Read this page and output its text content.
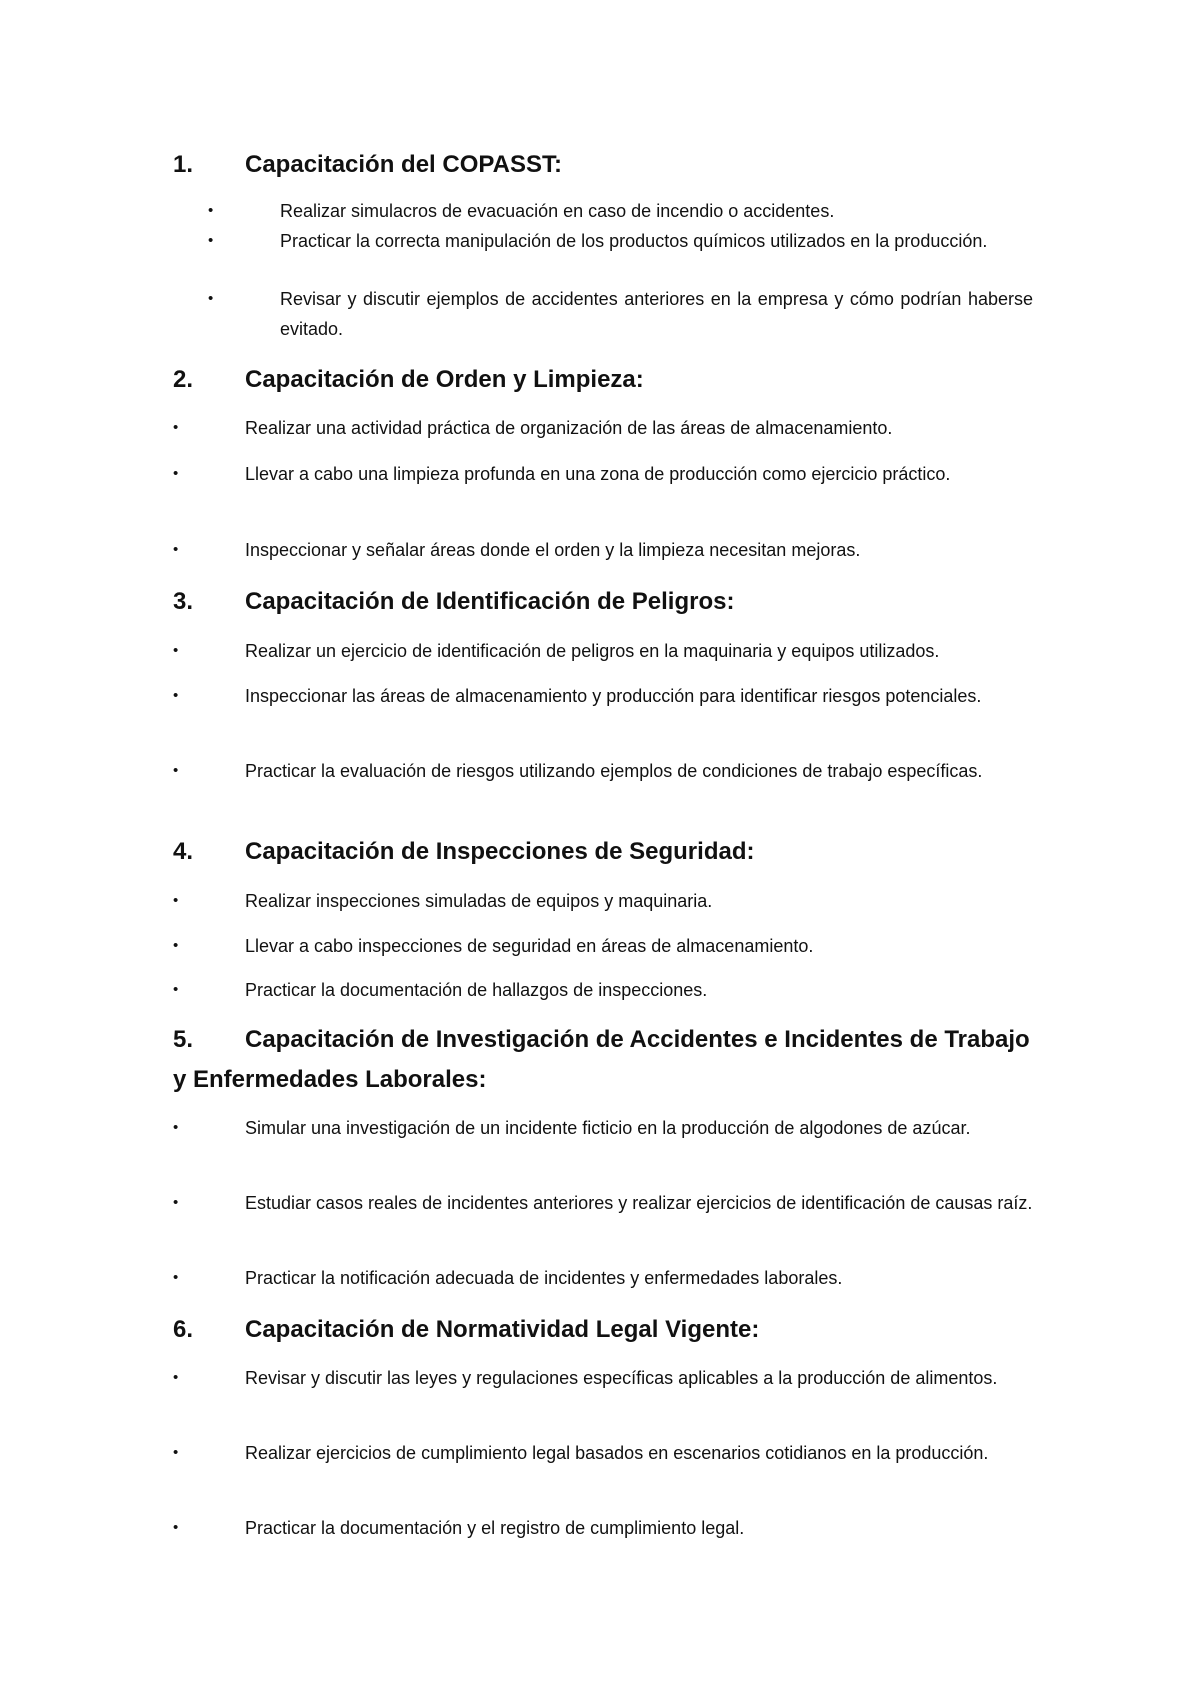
1.	Capacitación del COPASST:
•	Realizar simulacros de evacuación en caso de incendio o accidentes.
•	Practicar la correcta manipulación de los productos químicos utilizados en la producción.
•	Revisar y discutir ejemplos de accidentes anteriores en la empresa y cómo podrían haberse evitado.
2.	Capacitación de Orden y Limpieza:
•	Realizar una actividad práctica de organización de las áreas de almacenamiento.
•	Llevar a cabo una limpieza profunda en una zona de producción como ejercicio práctico.
•	Inspeccionar y señalar áreas donde el orden y la limpieza necesitan mejoras.
3.	Capacitación de Identificación de Peligros:
•	Realizar un ejercicio de identificación de peligros en la maquinaria y equipos utilizados.
•	Inspeccionar las áreas de almacenamiento y producción para identificar riesgos potenciales.
•	Practicar la evaluación de riesgos utilizando ejemplos de condiciones de trabajo específicas.
4.	Capacitación de Inspecciones de Seguridad:
•	Realizar inspecciones simuladas de equipos y maquinaria.
•	Llevar a cabo inspecciones de seguridad en áreas de almacenamiento.
•	Practicar la documentación de hallazgos de inspecciones.
5.	Capacitación de Investigación de Accidentes e Incidentes de Trabajo y Enfermedades Laborales:
•	Simular una investigación de un incidente ficticio en la producción de algodones de azúcar.
•	Estudiar casos reales de incidentes anteriores y realizar ejercicios de identificación de causas raíz.
•	Practicar la notificación adecuada de incidentes y enfermedades laborales.
6.	Capacitación de Normatividad Legal Vigente:
•	Revisar y discutir las leyes y regulaciones específicas aplicables a la producción de alimentos.
•	Realizar ejercicios de cumplimiento legal basados en escenarios cotidianos en la producción.
•	Practicar la documentación y el registro de cumplimiento legal.
